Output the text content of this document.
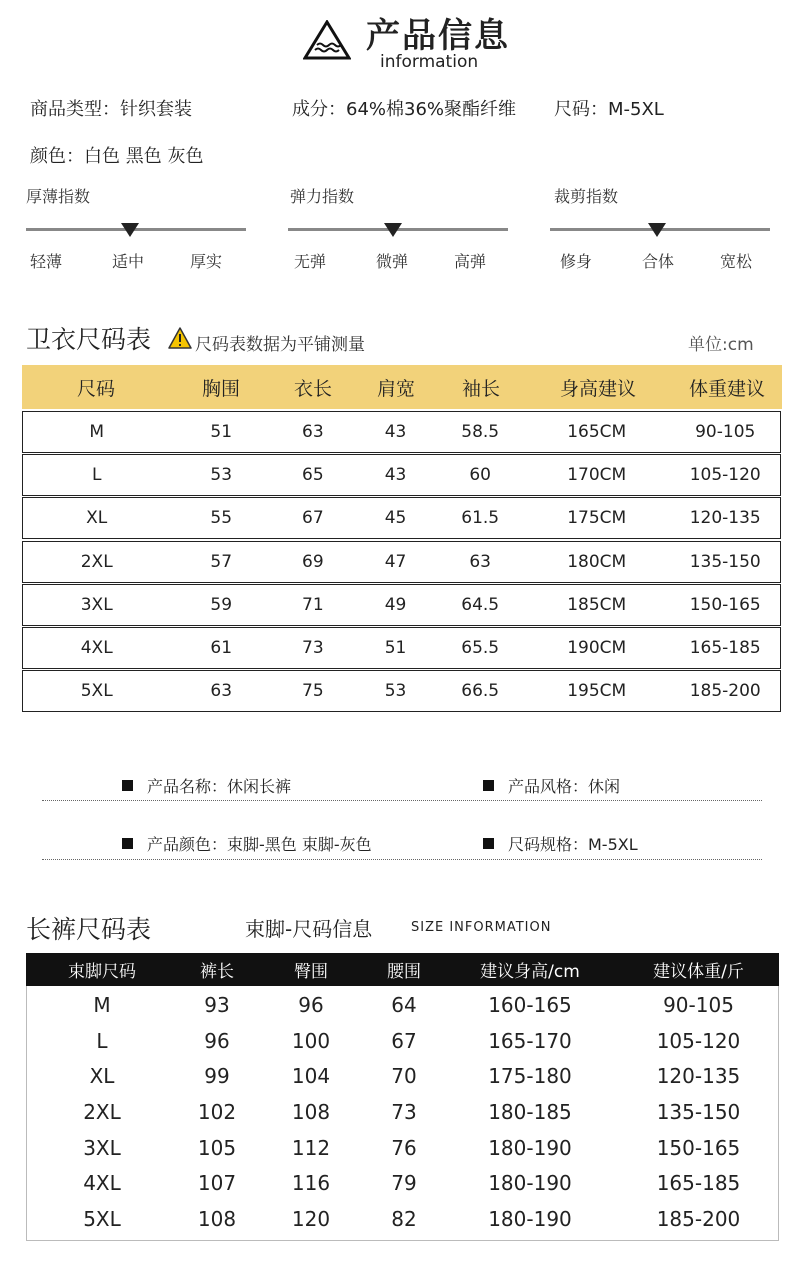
产品信息
information
商品类型：针织套装	成分：64%棉36%聚酯纤维 尺码：M-5XL
颜色：白色 黑色 灰色
厚薄指数
轻薄	适中	厚实
弹力指数
无弹	微弹	高弹
裁剪指数
修身	合体	宽松
卫衣尺码表	尺码表数据为平铺测量	单位:cm
尺码	胸围	衣长	肩宽	袖长	身高建议	体重建议
M	51	63	43	58.5	165CM	90-105
L	53	65	43	60	170CM	105-120
XL	55	67	45	61.5	175CM	120-135
2XL	57	69	47	63	180CM	135-150
3XL	59	71	49	64.5	185CM	150-165
4XL	61	73	51	65.5	190CM	165-185
5XL	63	75	53	66.5	195CM	185-200
产品名称：休闲长裤	产品风格：休闲
产品颜色：束脚-黑色 束脚-灰色	尺码规格：M-5XL
长裤尺码表	束脚-尺码信息	SIZE INFORMATION
束脚尺码	裤长	臀围	腰围	建议身高/cm	建议体重/斤
M	93	96	64	160-165	90-105
L	96	100	67	165-170	105-120
XL	99	104	70	175-180	120-135
2XL	102	108	73	180-185	135-150
3XL	105	112	76	180-190	150-165
4XL	107	116	79	180-190	165-185
5XL	108	120	82	180-190	185-200
